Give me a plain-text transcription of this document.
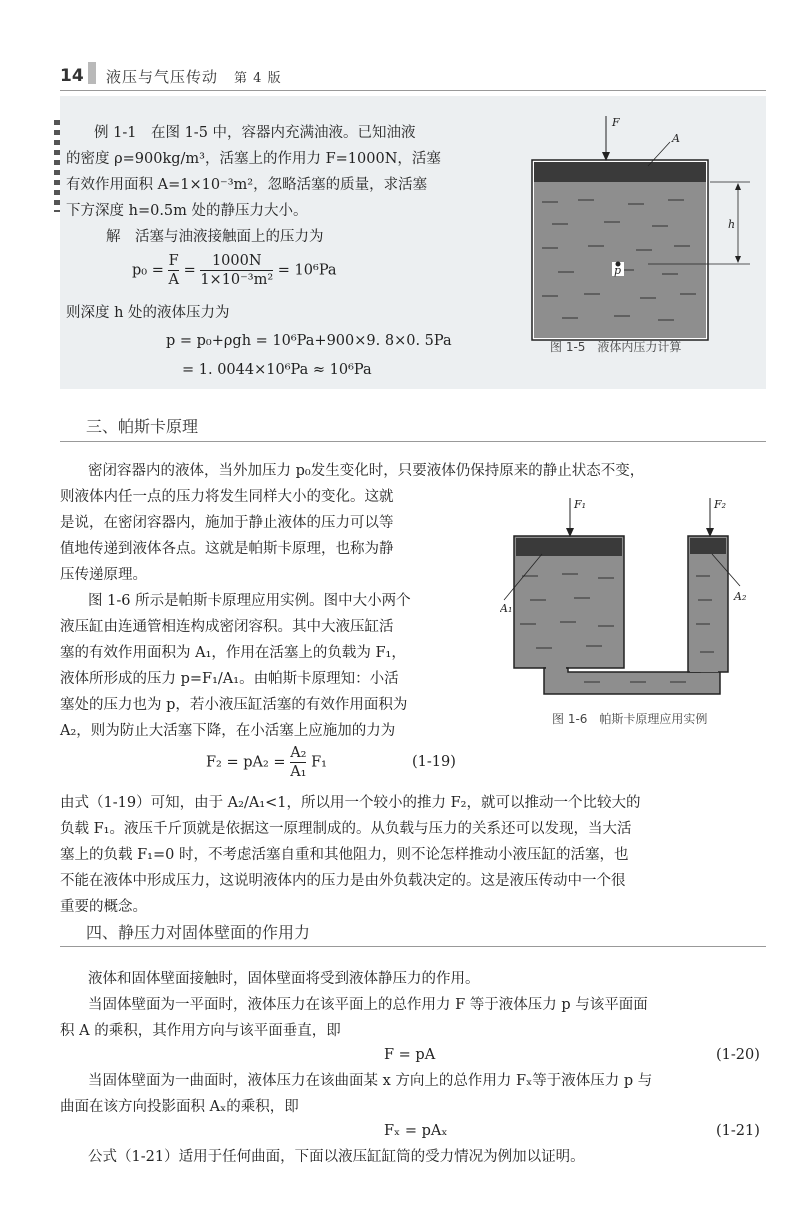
14 液压与气压传动　 第 4 版

例 1-1　在图 1-5 中，容器内充满油液。已知油液

的密度 ρ=900kg/m³，活塞上的作用力 F=1000N，活塞

有效作用面积 A=1×10⁻³m²，忽略活塞的质量，求活塞

下方深度 h=0.5m 处的静压力大小。

解　活塞与油液接触面上的压力为

$p_0 = \frac{F}{A} = \frac{1000N}{\text{1×10⁻³m²}} = 10^6Pa$

则深度 h 处的液体压力为

p = p₀+ρgh = 10⁶Pa+900×9. 8×0. 5Pa

= 1. 0044×10⁶Pa ≈ 10⁶Pa

F
A
h
p
图 1-5　液体内压力计算
三、帕斯卡原理

密闭容器内的液体，当外加压力 p₀发生变化时，只要液体仍保持原来的静止状态不变，

则液体内任一点的压力将发生同样大小的变化。这就

是说，在密闭容器内，施加于静止液体的压力可以等

值地传递到液体各点。这就是帕斯卡原理，也称为静

压传递原理。

图 1-6 所示是帕斯卡原理应用实例。图中大小两个

液压缸由连通管相连构成密闭容积。其中大液压缸活

塞的有效作用面积为 A₁，作用在活塞上的负载为 F₁，

液体所形成的压力 p=F₁/A₁。由帕斯卡原理知：小活

塞处的压力也为 p，若小液压缸活塞的有效作用面积为

A₂，则为防止大活塞下降，在小活塞上应施加的力为

$F_2 = pA_2 = \frac{\text{A₂}}{\text{A₁}} F_1$	(1-19)
F₁	F₂
A₁
A₂
图 1-6　帕斯卡原理应用实例

由式（1-19）可知，由于 A₂/A₁<1，所以用一个较小的推力 F₂，就可以推动一个比较大的

负载 F₁。液压千斤顶就是依据这一原理制成的。从负载与压力的关系还可以发现，当大活

塞上的负载 F₁=0 时，不考虑活塞自重和其他阻力，则不论怎样推动小液压缸的活塞，也

不能在液体中形成压力，这说明液体内的压力是由外负载决定的。这是液压传动中一个很

重要的概念。

四、静压力对固体壁面的作用力

液体和固体壁面接触时，固体壁面将受到液体静压力的作用。

当固体壁面为一平面时，液体压力在该平面上的总作用力 F 等于液体压力 p 与该平面面

积 A 的乘积，其作用方向与该平面垂直，即

F = pA	(1-20)

当固体壁面为一曲面时，液体压力在该曲面某 x 方向上的总作用力 Fₓ等于液体压力 p 与

曲面在该方向投影面积 Aₓ的乘积，即

Fₓ = pAₓ	(1-21)

公式（1-21）适用于任何曲面，下面以液压缸缸筒的受力情况为例加以证明。
